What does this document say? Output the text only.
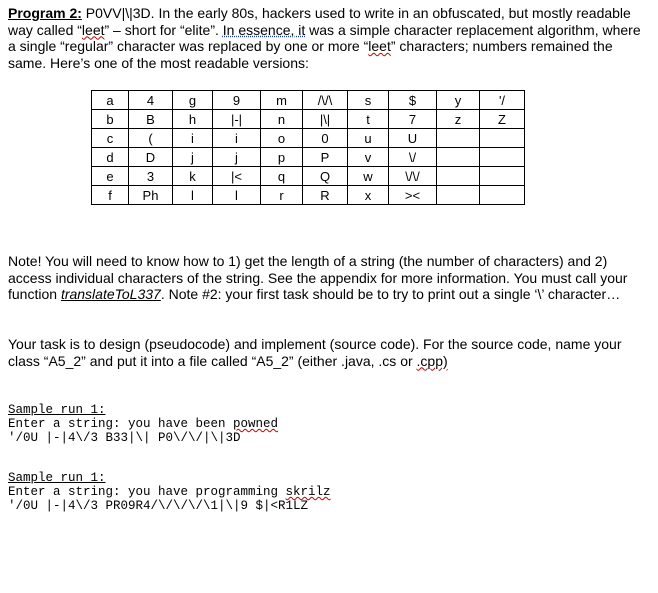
Program 2: P0VV|\|3D. In the early 80s, hackers used to write in an obfuscated, but mostly readable way called “leet” – short for “elite”. In essence, it was a simple character replacement algorithm, where a single “regular” character was replaced by one or more “leet” characters; numbers remained the same. Here’s one of the most readable versions:

a	4	g	9	m	/\/\	s	$	y	'/
b	B	h	|-|	n	|\|	t	7	z	Z
c	(	i	i	o	0	u	U		
d	D	j	j	p	P	v	\/		
e	3	k	|<	q	Q	w	\/\/		
f	Ph	l	l	r	R	x	><		

Note! You will need to know how to 1) get the length of a string (the number of characters) and 2) access individual characters of the string. See the appendix for more information. You must call your function translateToL337. Note #2: your first task should be to try to print out a single ‘\’ character…

Your task is to design (pseudocode) and implement (source code). For the source code, name your class “A5_2” and put it into a file called “A5_2” (either .java, .cs or .cpp)

Sample run 1:
Enter a string: you have been powned
'/0U |-|4\/3 B33|\| P0\/\/|\|3D
Sample run 1:
Enter a string: you have programming skrilz
'/0U |-|4\/3 PR09R4/\/\/\/\1|\|9 $|<R1LZ
